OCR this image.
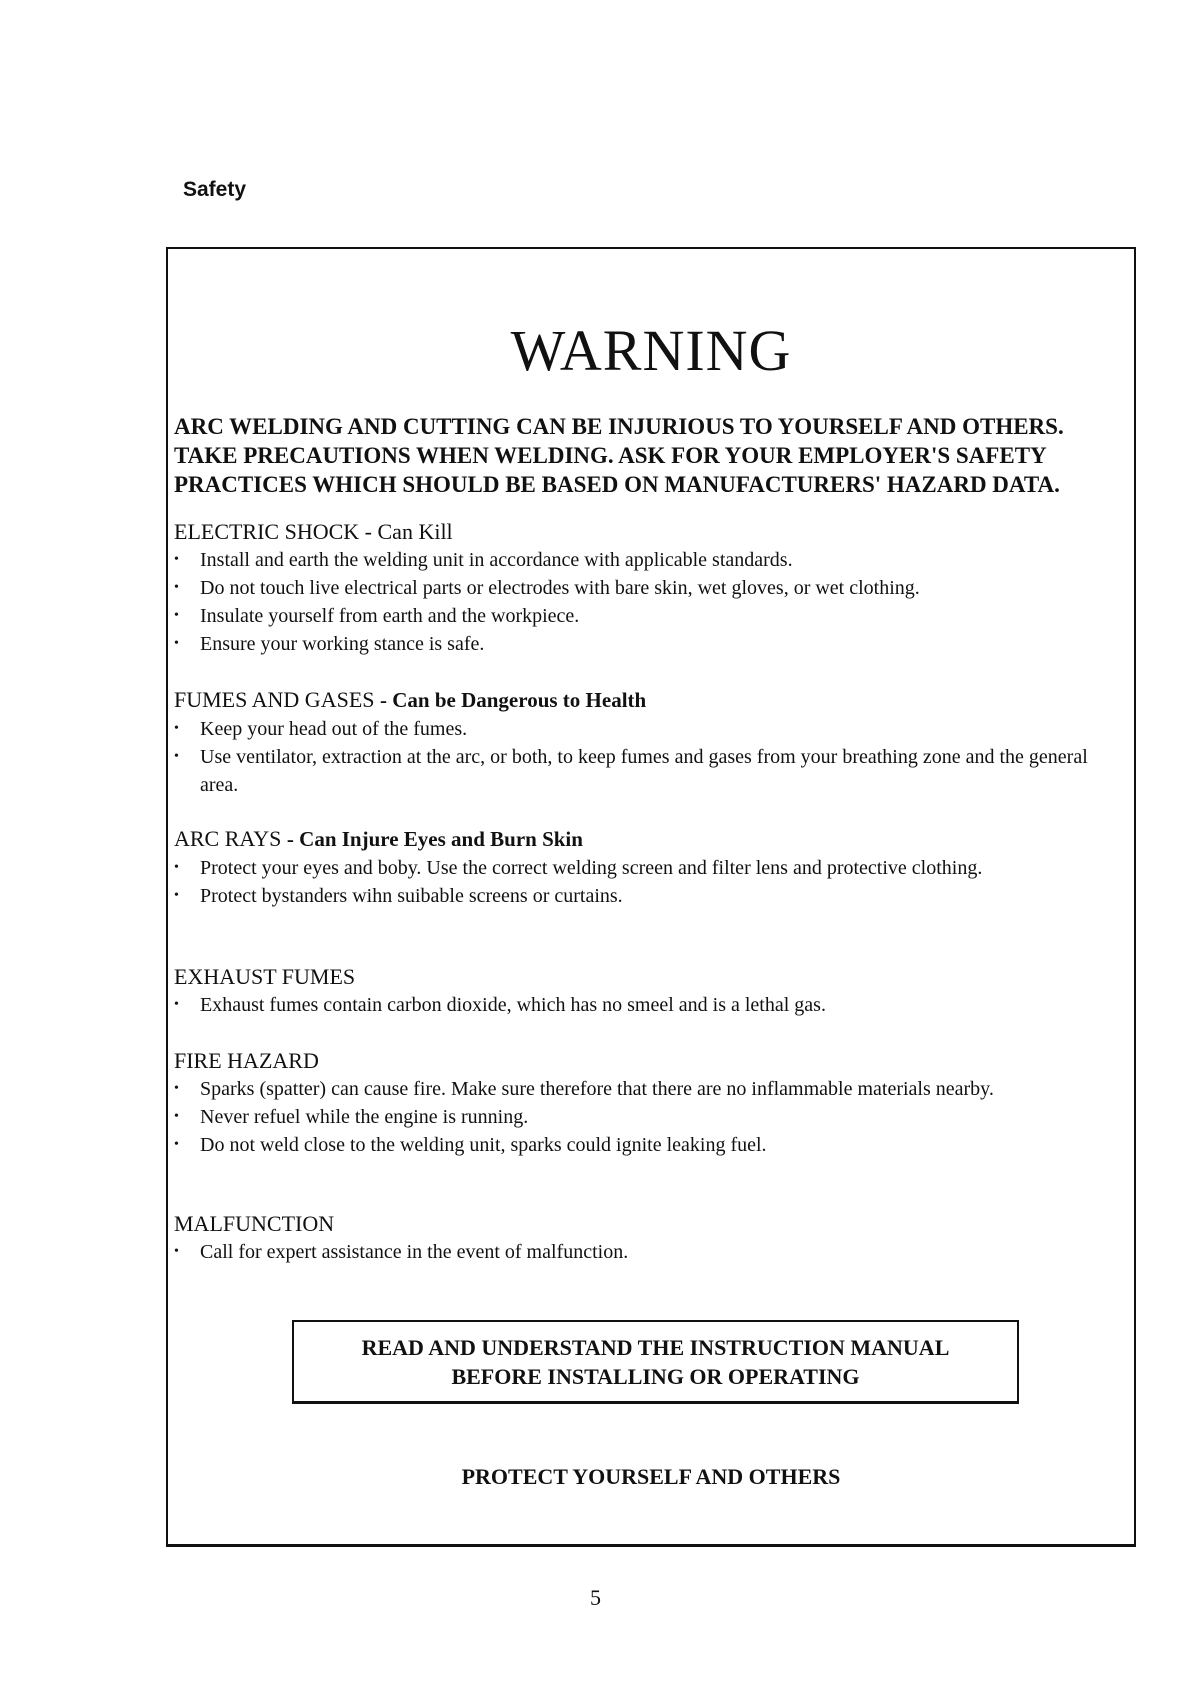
Safety
WARNING
ARC WELDING AND CUTTING CAN BE INJURIOUS TO YOURSELF AND OTHERS.
TAKE PRECAUTIONS WHEN WELDING. ASK FOR YOUR EMPLOYER'S SAFETY
PRACTICES WHICH SHOULD BE BASED ON MANUFACTURERS' HAZARD DATA.
ELECTRIC SHOCK - Can Kill
• Install and earth the welding unit in accordance with applicable standards.
• Do not touch live electrical parts or electrodes with bare skin, wet gloves, or wet clothing.
• Insulate yourself from earth and the workpiece.
• Ensure your working stance is safe.
FUMES AND GASES - Can be Dangerous to Health
• Keep your head out of the fumes.
• Use ventilator, extraction at the arc, or both, to keep fumes and gases from your breathing zone and the general area.
ARC RAYS - Can Injure Eyes and Burn Skin
• Protect your eyes and boby. Use the correct welding screen and filter lens and protective clothing.
• Protect bystanders wihn suibable screens or curtains.
EXHAUST FUMES
• Exhaust fumes contain carbon dioxide, which has no smeel and is a lethal gas.
FIRE HAZARD
• Sparks (spatter) can cause fire. Make sure therefore that there are no inflammable materials nearby.
• Never refuel while the engine is running.
• Do not weld close to the welding unit, sparks could ignite leaking fuel.
MALFUNCTION
• Call for expert assistance in the event of malfunction.
READ AND UNDERSTAND THE INSTRUCTION MANUAL
BEFORE INSTALLING OR OPERATING
PROTECT YOURSELF AND OTHERS
5
